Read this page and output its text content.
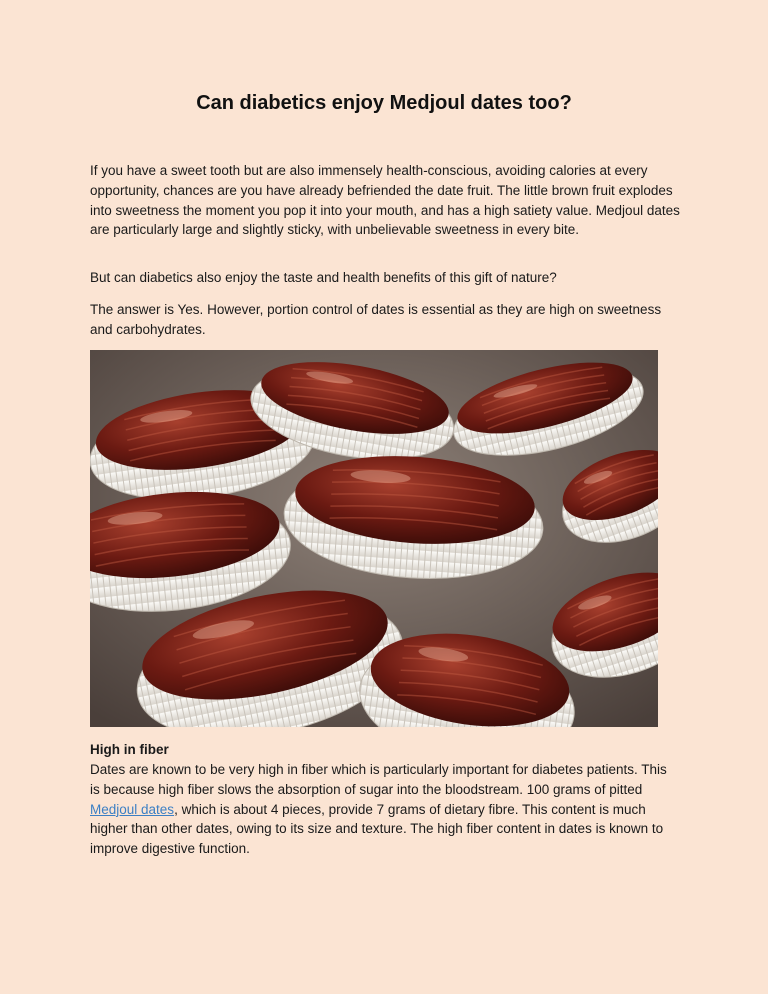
Can diabetics enjoy Medjoul dates too?

If you have a sweet tooth but are also immensely health-conscious, avoiding calories at every opportunity, chances are you have already befriended the date fruit. The little brown fruit explodes into sweetness the moment you pop it into your mouth, and has a high satiety value. Medjoul dates are particularly large and slightly sticky, with unbelievable sweetness in every bite.

But can diabetics also enjoy the taste and health benefits of this gift of nature?

The answer is Yes. However, portion control of dates is essential as they are high on sweetness and carbohydrates.

High in fiber

Dates are known to be very high in fiber which is particularly important for diabetes patients. This is because high fiber slows the absorption of sugar into the bloodstream. 100 grams of pitted Medjoul dates, which is about 4 pieces, provide 7 grams of dietary fibre. This content is much higher than other dates, owing to its size and texture. The high fiber content in dates is known to improve digestive function.
